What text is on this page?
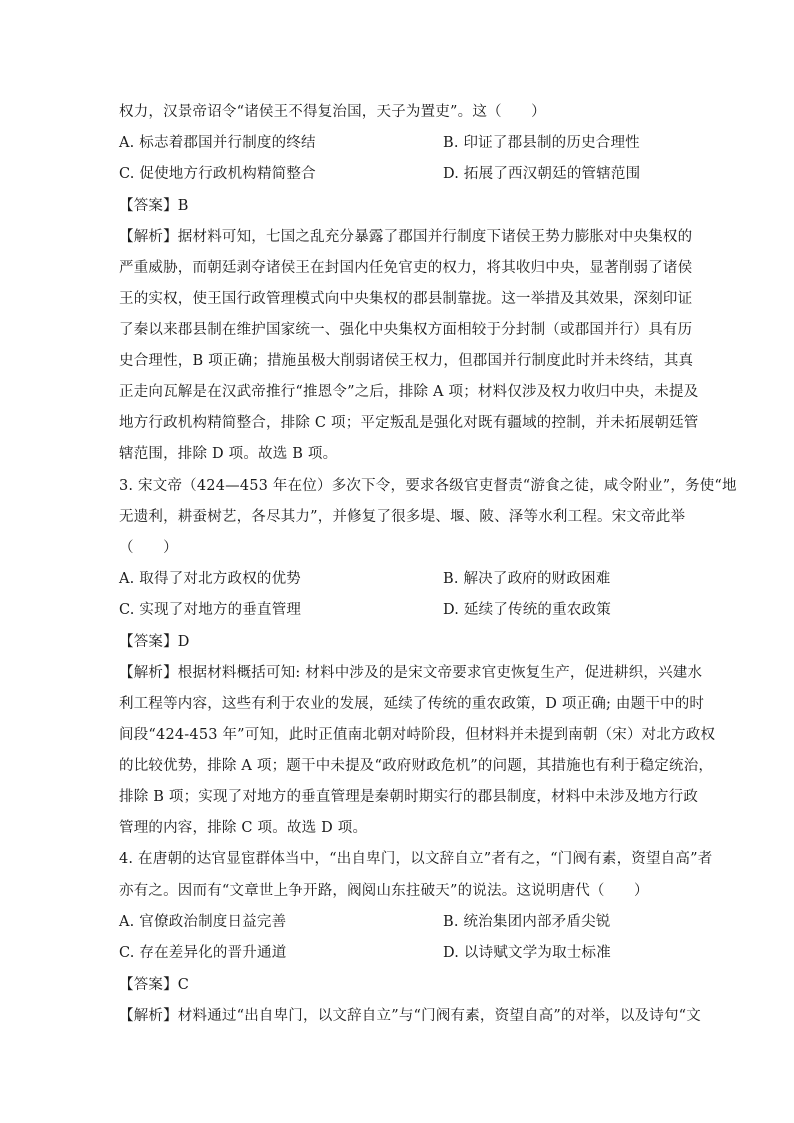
权力，汉景帝诏令“诸侯王不得复治国，天子为置吏”。这（　　）
A. 标志着郡国并行制度的终结	B. 印证了郡县制的历史合理性
C. 促使地方行政机构精简整合	D. 拓展了西汉朝廷的管辖范围
【答案】B
【解析】据材料可知，七国之乱充分暴露了郡国并行制度下诸侯王势力膨胀对中央集权的
严重威胁，而朝廷剥夺诸侯王在封国内任免官吏的权力，将其收归中央，显著削弱了诸侯
王的实权，使王国行政管理模式向中央集权的郡县制靠拢。这一举措及其效果，深刻印证
了秦以来郡县制在维护国家统一、强化中央集权方面相较于分封制（或郡国并行）具有历
史合理性，B 项正确；措施虽极大削弱诸侯王权力，但郡国并行制度此时并未终结，其真
正走向瓦解是在汉武帝推行“推恩令”之后，排除 A 项；材料仅涉及权力收归中央，未提及
地方行政机构精简整合，排除 C 项；平定叛乱是强化对既有疆域的控制，并未拓展朝廷管
辖范围，排除 D 项。故选 B 项。
3. 宋文帝（424—453 年在位）多次下令，要求各级官吏督责“游食之徒，咸令附业”，务使“地
无遗利，耕蚕树艺，各尽其力”，并修复了很多堤、堰、陂、泽等水利工程。宋文帝此举
（　　）
A. 取得了对北方政权的优势	B. 解决了政府的财政困难
C. 实现了对地方的垂直管理	D. 延续了传统的重农政策
【答案】D
【解析】根据材料概括可知: 材料中涉及的是宋文帝要求官吏恢复生产，促进耕织，兴建水
利工程等内容，这些有利于农业的发展，延续了传统的重农政策，D 项正确; 由题干中的时
间段“424-453 年”可知，此时正值南北朝对峙阶段，但材料并未提到南朝（宋）对北方政权
的比较优势，排除 A 项；题干中未提及“政府财政危机”的问题，其措施也有利于稳定统治，
排除 B 项；实现了对地方的垂直管理是秦朝时期实行的郡县制度，材料中未涉及地方行政
管理的内容，排除 C 项。故选 D 项。
4. 在唐朝的达官显宦群体当中，“出自卑门，以文辞自立”者有之，“门阀有素，资望自高”者
亦有之。因而有“文章世上争开路，阀阅山东拄破天”的说法。这说明唐代（　　）
A. 官僚政治制度日益完善	B. 统治集团内部矛盾尖锐
C. 存在差异化的晋升通道	D. 以诗赋文学为取士标准
【答案】C
【解析】材料通过“出自卑门，以文辞自立”与“门阀有素，资望自高”的对举，以及诗句“文
